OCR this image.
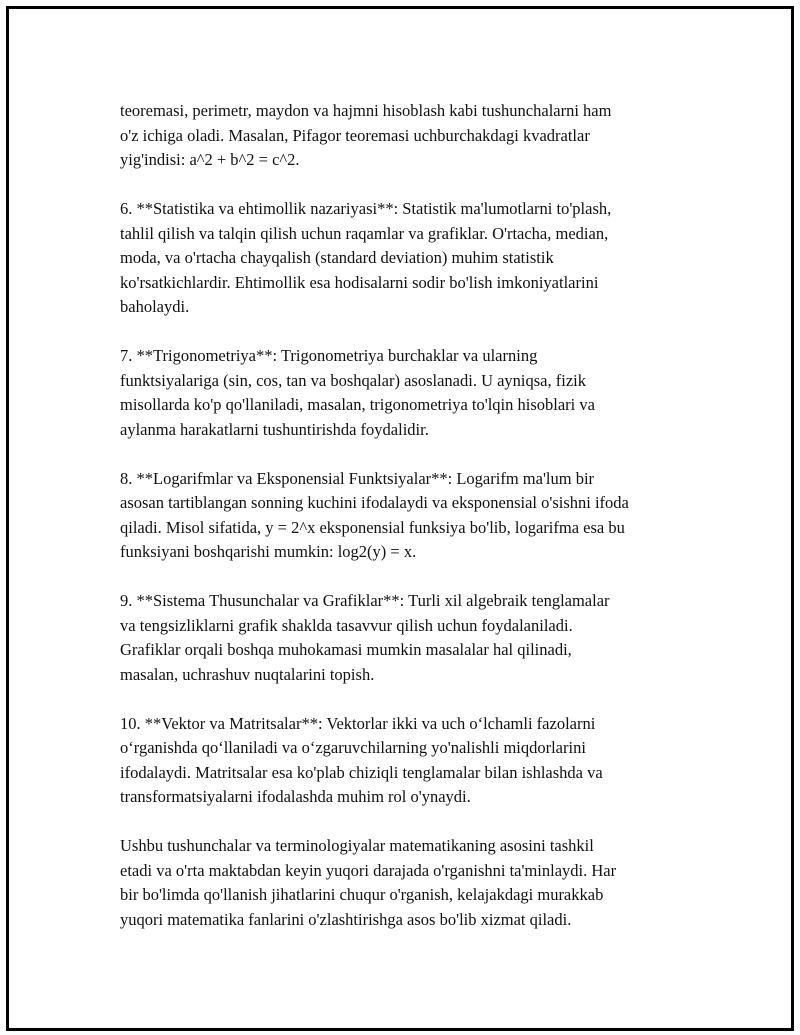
teoremasi, perimetr, maydon va hajmni hisoblash kabi tushunchalarni ham
o'z ichiga oladi. Masalan, Pifagor teoremasi uchburchakdagi kvadratlar
yig'indisi: a^2 + b^2 = c^2.

6. **Statistika va ehtimollik nazariyasi**: Statistik ma'lumotlarni to'plash,
tahlil qilish va talqin qilish uchun raqamlar va grafiklar. O'rtacha, median,
moda, va o'rtacha chayqalish (standard deviation) muhim statistik
ko'rsatkichlardir. Ehtimollik esa hodisalarni sodir bo'lish imkoniyatlarini
baholaydi.

7. **Trigonometriya**: Trigonometriya burchaklar va ularning
funktsiyalariga (sin, cos, tan va boshqalar) asoslanadi. U ayniqsa, fizik
misollarda ko'p qo'llaniladi, masalan, trigonometriya to'lqin hisoblari va
aylanma harakatlarni tushuntirishda foydalidir.

8. **Logarifmlar va Eksponensial Funktsiyalar**: Logarifm ma'lum bir
asosan tartiblangan sonning kuchini ifodalaydi va eksponensial o'sishni ifoda
qiladi. Misol sifatida, y = 2^x eksponensial funksiya bo'lib, logarifma esa bu
funksiyani boshqarishi mumkin: log2(y) = x.

9. **Sistema Thusunchalar va Grafiklar**: Turli xil algebraik tenglamalar
va tengsizliklarni grafik shaklda tasavvur qilish uchun foydalaniladi.
Grafiklar orqali boshqa muhokamasi mumkin masalalar hal qilinadi,
masalan, uchrashuv nuqtalarini topish.

10. **Vektor va Matritsalar**: Vektorlar ikki va uch o‘lchamli fazolarni
o‘rganishda qo‘llaniladi va o‘zgaruvchilarning yo'nalishli miqdorlarini
ifodalaydi. Matritsalar esa ko'plab chiziqli tenglamalar bilan ishlashda va
transformatsiyalarni ifodalashda muhim rol o'ynaydi.

Ushbu tushunchalar va terminologiyalar matematikaning asosini tashkil
etadi va o'rta maktabdan keyin yuqori darajada o'rganishni ta'minlaydi. Har
bir bo'limda qo'llanish jihatlarini chuqur o'rganish, kelajakdagi murakkab
yuqori matematika fanlarini o'zlashtirishga asos bo'lib xizmat qiladi.
